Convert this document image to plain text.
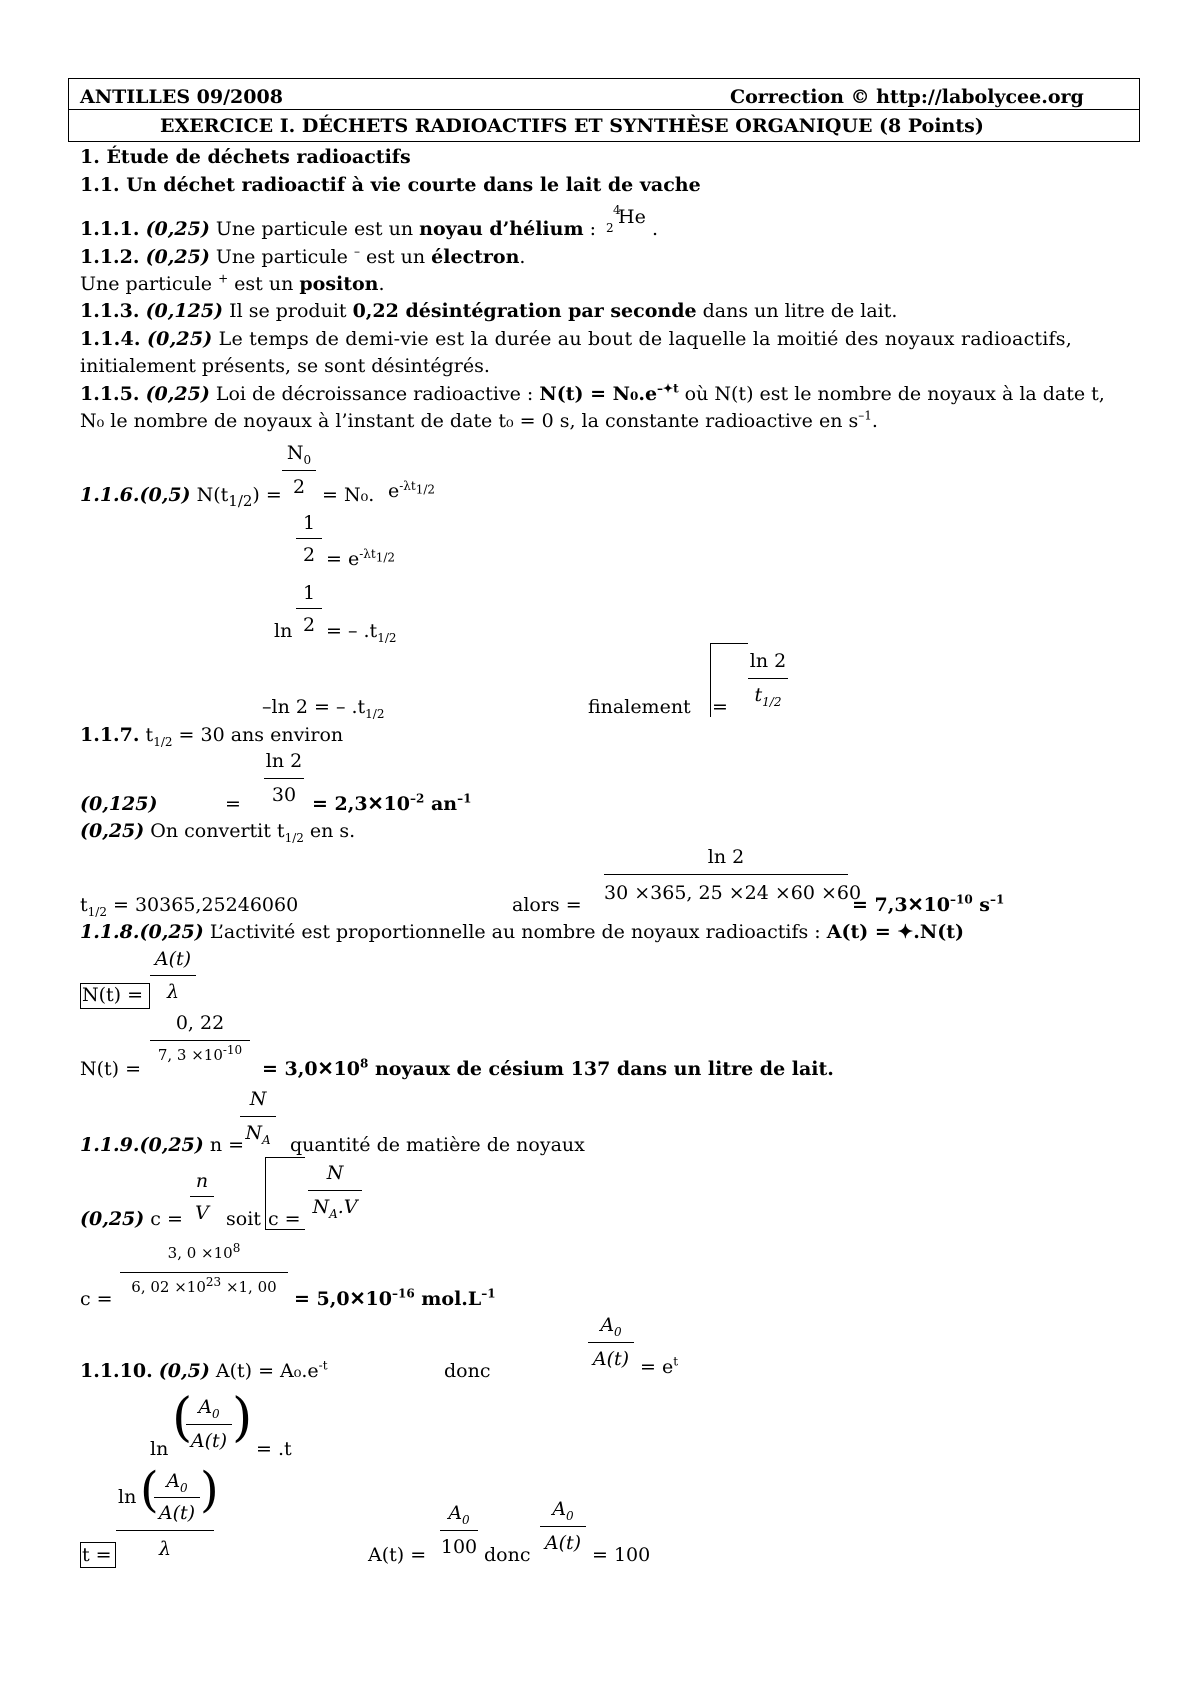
ANTILLES 09/2008	Correction © http://labolycee.org
EXERCICE I. DÉCHETS RADIOACTIFS ET SYNTHÈSE ORGANIQUE (8 Points)
1. Étude de déchets radioactifs
1.1. Un déchet radioactif à vie courte dans le lait de vache
1.1.1. (0,25) Une particule est un noyau d’hélium :
4
2 He
.
1.1.2. (0,25) Une particule – est un électron.
Une particule + est un positon.
1.1.3. (0,125) Il se produit 0,22 désintégration par seconde dans un litre de lait.
1.1.4. (0,25) Le temps de demi-vie est la durée au bout de laquelle la moitié des noyaux radioactifs,
initialement présents, se sont désintégrés.
1.1.5. (0,25) Loi de décroissance radioactive : $N(t) = N_0.e^{-✦t}$ où N(t) est le nombre de noyaux à la date t,
N₀ le nombre de noyaux à l’instant de date t₀ = 0 s, la constante radioactive en $s^{-1}$.
1.1.6.(0,5) $N(t_{1/2})$ =
$N_0$
2 = N₀. $e^{-\lambda t_{1/2}}$
1
$2 = e^{-\lambda t_{1/2}}$
ln
1
2 = – $.t_{1/2}$
–ln 2 = – $.t_{1/2}$	finalement =
ln 2
$t_{1/2}$
1.1.7. $t_{1/2} = 30$ ans environ
(0,125)	=
ln 2
$30 = 2,3✕10^{-2}$ $an^{-1}$
(0,25) On convertit $t_{1/2}$ en s.
$t_{1/2} = 30365,25246060$	alors =
ln 2
30 ×365, 25 ×24 ×60 ×60
= $7,3✕10^{-10}$ $s^{-1}$
1.1.8.(0,25) L’activité est proportionnelle au nombre de noyaux radioactifs : A(t) = ✦.N(t)
N(t) =
A(t)
λ
N(t) =
0, 22
7, $3 \times 10^{-10}$
= $3,0✕10^8$ noyaux de césium 137 dans un litre de lait.
1.1.9.(0,25) n =
N
$N_A$ quantité de matière de noyaux
(0,25) c =
n
V soit c =
N
$N_A.V$
c =
3, $0 \times 10^8$
6, $02 \times 10^{23} \times 1$, 00
= $5,0✕10^{-16}$ $mol.L^{-1}$
1.1.10. (0,5) $A(t) = A_0.e^{-t}$	donc
$A_0$
$A(t) = e^t$
ln
( $A_0$
A(t) )
= .t
ln ( $A_0$
A(t) )
λ
t =	A(t) =
$A_0$
100 donc
$A_0$
A(t)
= 100
